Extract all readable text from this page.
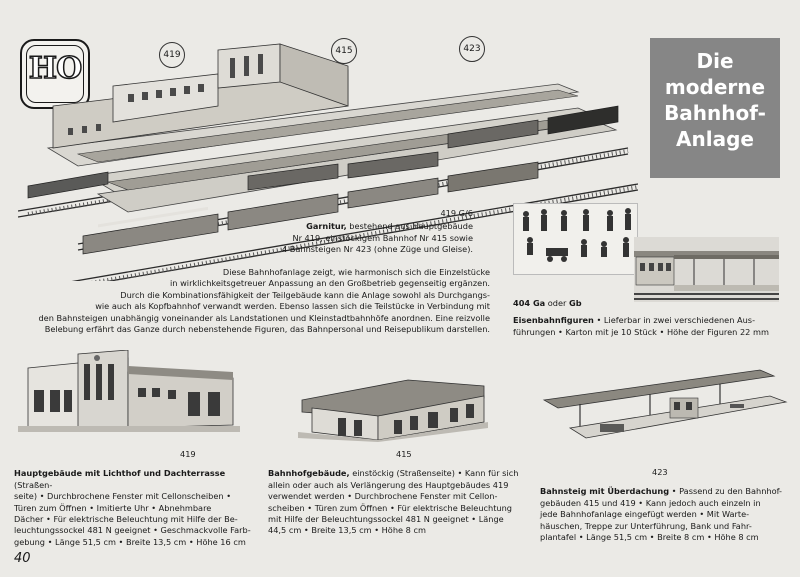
HO	419	415	423	Die
moderne
Bahnhof-
Anlage
419 G/6
Garnitur, bestehend aus Hauptgebäude
Nr 419, einstöckigem Bahnhof Nr 415 sowie
4 Bahnsteigen Nr 423 (ohne Züge und Gleise).
Diese Bahnhofanlage zeigt, wie harmonisch sich die Einzelstücke
in wirklichkeitsgetreuer Anpassung an den Großbetrieb gegenseitig ergänzen.
Durch die Kombinationsfähigkeit der Teilgebäude kann die Anlage sowohl als Durchgangs-
wie auch als Kopfbahnhof verwandt werden. Ebenso lassen sich die Teilstücke in Verbindung mit
den Bahnsteigen unabhängig voneinander als Landstationen und Kleinstadtbahnhöfe anordnen. Eine reizvolle
Belebung erfährt das Ganze durch nebenstehende Figuren, das Bahnpersonal und Reisepublikum darstellen.
404 Ga oder Gb
Eisenbahnfiguren • Lieferbar in zwei verschiedenen Aus-
führungen • Karton mit je 10 Stück • Höhe der Figuren 22 mm
419
Hauptgebäude mit Lichthof und Dachterrasse (Straßen-
seite) • Durchbrochene Fenster mit Cellonscheiben •
Türen zum Öffnen • Imitierte Uhr • Abnehmbare
Dächer • Für elektrische Beleuchtung mit Hilfe der Be-
leuchtungssockel 481 N geeignet • Geschmackvolle Farb-
gebung • Länge 51,5 cm • Breite 13,5 cm • Höhe 16 cm
415
Bahnhofgebäude, einstöckig (Straßenseite) • Kann für sich
allein oder auch als Verlängerung des Hauptgebäudes 419
verwendet werden • Durchbrochene Fenster mit Cellon-
scheiben • Türen zum Öffnen • Für elektrische Beleuchtung
mit Hilfe der Beleuchtungssockel 481 N geeignet • Länge
44,5 cm • Breite 13,5 cm • Höhe 8 cm
423
Bahnsteig mit Überdachung • Passend zu den Bahnhof-
gebäuden 415 und 419 • Kann jedoch auch einzeln in
jede Bahnhofanlage eingefügt werden • Mit Warte-
häuschen, Treppe zur Unterführung, Bank und Fahr-
plantafel • Länge 51,5 cm • Breite 8 cm • Höhe 8 cm
40
